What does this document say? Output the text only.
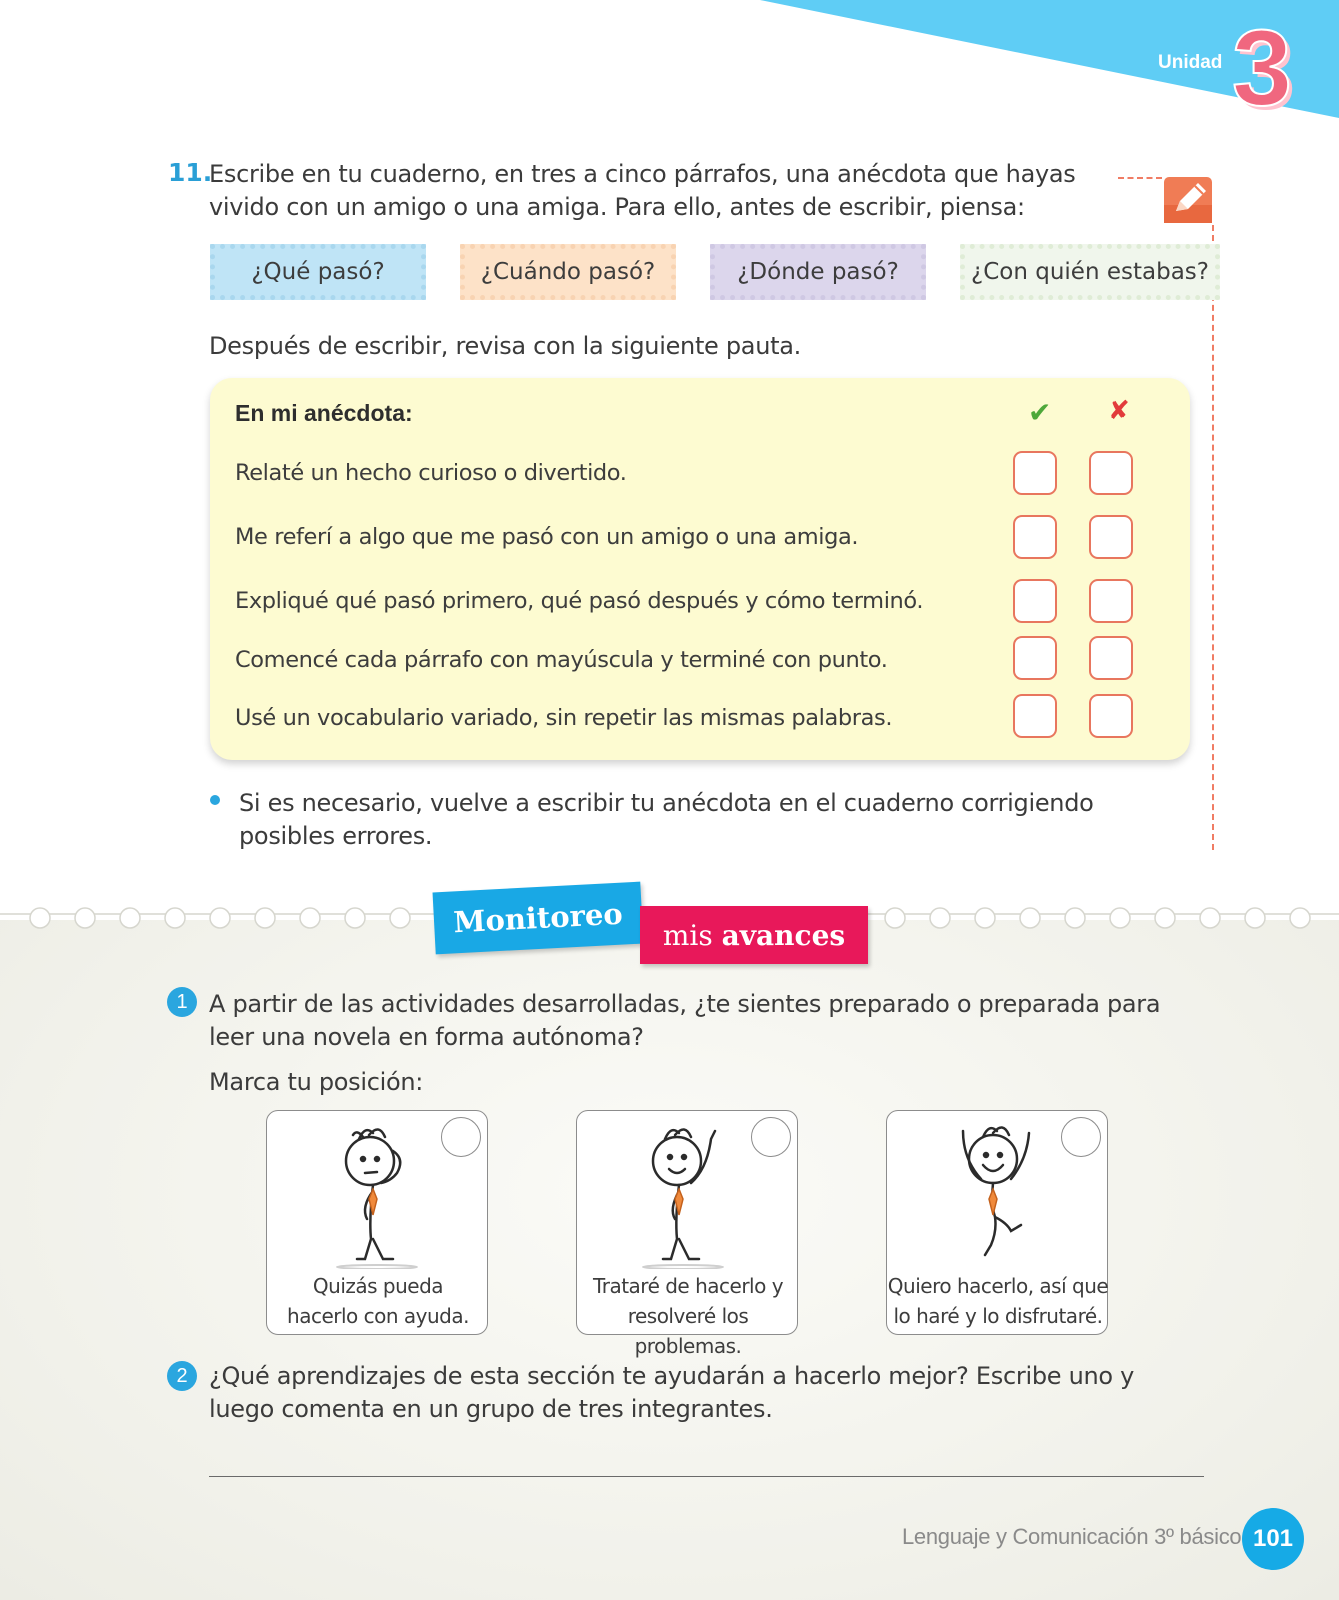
Unidad 3
11.
Escribe en tu cuaderno, en tres a cinco párrafos, una anécdota que hayas vivido con un amigo o una amiga. Para ello, antes de escribir, piensa:
¿Qué pasó?	¿Cuándo pasó?	¿Dónde pasó?	¿Con quién estabas?
Después de escribir, revisa con la siguiente pauta.
En mi anécdota:	✔ ✘
Relaté un hecho curioso o divertido.
Me referí a algo que me pasó con un amigo o una amiga.
Expliqué qué pasó primero, qué pasó después y cómo terminó.
Comencé cada párrafo con mayúscula y terminé con punto.
Usé un vocabulario variado, sin repetir las mismas palabras.
Si es necesario, vuelve a escribir tu anécdota en el cuaderno corrigiendo posibles errores.
Monitoreo mis avances
1 A partir de las actividades desarrolladas, ¿te sientes preparado o preparada para leer una novela en forma autónoma?
Marca tu posición:
Quizás pueda
hacerlo con ayuda.
Trataré de hacerlo y
resolveré los problemas.
Quiero hacerlo, así que
lo haré y lo disfrutaré.
2 ¿Qué aprendizajes de esta sección te ayudarán a hacerlo mejor? Escribe uno y luego comenta en un grupo de tres integrantes.
Lenguaje y Comunicación 3º básico 101
